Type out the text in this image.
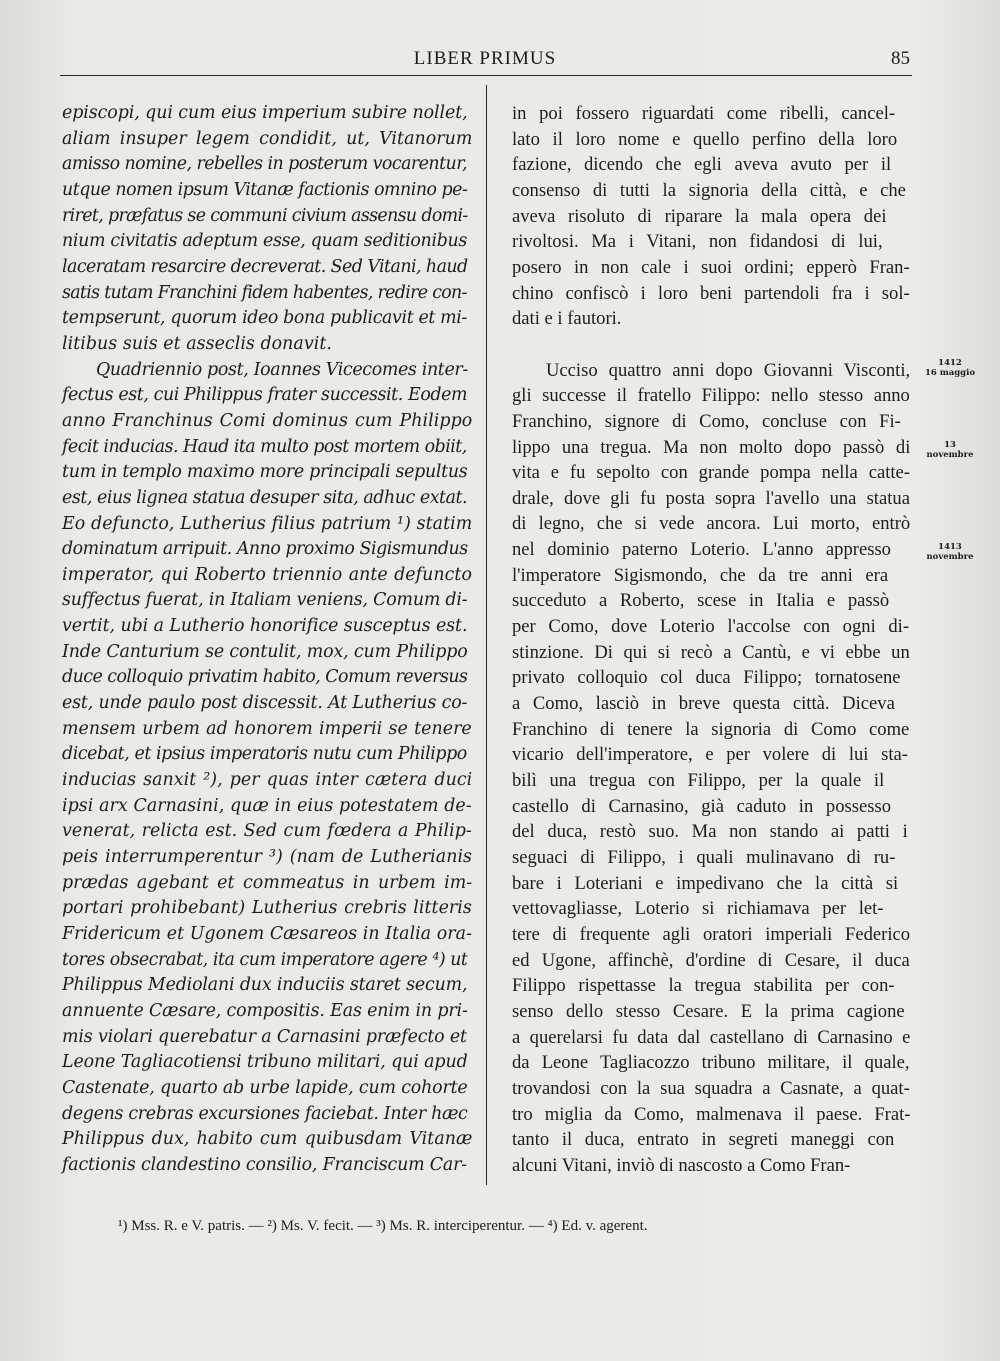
LIBER PRIMUS	85

episcopi, qui cum eius imperium subire nollet,
aliam insuper legem condidit, ut, Vitanorum
amisso nomine, rebelles in posterum vocarentur,
utque nomen ipsum Vitanæ factionis omnino pe-
riret, præfatus se communi civium assensu domi-
nium civitatis adeptum esse, quam seditionibus
laceratam resarcire decreverat. Sed Vitani, haud
satis tutam Franchini fidem habentes, redire con-
tempserunt, quorum ideo bona publicavit et mi-
litibus suis et asseclis donavit.

Quadriennio post, Ioannes Vicecomes inter-
fectus est, cui Philippus frater successit. Eodem
anno Franchinus Comi dominus cum Philippo
fecit inducias. Haud ita multo post mortem obiit,
tum in templo maximo more principali sepultus
est, eius lignea statua desuper sita, adhuc extat.
Eo defuncto, Lutherius filius patrium ¹) statim
dominatum arripuit. Anno proximo Sigismundus
imperator, qui Roberto triennio ante defuncto
suffectus fuerat, in Italiam veniens, Comum di-
vertit, ubi a Lutherio honorifice susceptus est.
Inde Canturium se contulit, mox, cum Philippo
duce colloquio privatim habito, Comum reversus
est, unde paulo post discessit. At Lutherius co-
mensem urbem ad honorem imperii se tenere
dicebat, et ipsius imperatoris nutu cum Philippo
inducias sanxit ²), per quas inter cætera duci
ipsi arx Carnasini, quæ in eius potestatem de-
venerat, relicta est. Sed cum fœdera a Philip-
peis interrumperentur ³) (nam de Lutherianis
prædas agebant et commeatus in urbem im-
portari prohibebant) Lutherius crebris litteris
Fridericum et Ugonem Cæsareos in Italia ora-
tores obsecrabat, ita cum imperatore agere ⁴) ut
Philippus Mediolani dux induciis staret secum,
annuente Cæsare, compositis. Eas enim in pri-
mis violari querebatur a Carnasini præfecto et
Leone Tagliacotiensi tribuno militari, qui apud
Castenate, quarto ab urbe lapide, cum cohorte
degens crebras excursiones faciebat. Inter hæc
Philippus dux, habito cum quibusdam Vitanæ
factionis clandestino consilio, Franciscum Car-

in poi fossero riguardati come ribelli, cancel-
lato il loro nome e quello perfino della loro
fazione, dicendo che egli aveva avuto per il
consenso di tutti la signoria della città, e che
aveva risoluto di riparare la mala opera dei
rivoltosi. Ma i Vitani, non fidandosi di lui,
posero in non cale i suoi ordini; epperò Fran-
chino confiscò i loro beni partendoli fra i sol-
dati e i fautori.

Ucciso quattro anni dopo Giovanni Visconti,
gli successe il fratello Filippo: nello stesso anno
Franchino, signore di Como, concluse con Fi-
lippo una tregua. Ma non molto dopo passò di
vita e fu sepolto con grande pompa nella catte-
drale, dove gli fu posta sopra l'avello una statua
di legno, che si vede ancora. Lui morto, entrò
nel dominio paterno Loterio. L'anno appresso
l'imperatore Sigismondo, che da tre anni era
succeduto a Roberto, scese in Italia e passò
per Como, dove Loterio l'accolse con ogni di-
stinzione. Di qui si recò a Cantù, e vi ebbe un
privato colloquio col duca Filippo; tornatosene
a Como, lasciò in breve questa città. Diceva
Franchino di tenere la signoria di Como come
vicario dell'imperatore, e per volere di lui sta-
bilì una tregua con Filippo, per la quale il
castello di Carnasino, già caduto in possesso
del duca, restò suo. Ma non stando ai patti i
seguaci di Filippo, i quali mulinavano di ru-
bare i Loteriani e impedivano che la città si
vettovagliasse, Loterio si richiamava per let-
tere di frequente agli oratori imperiali Federico
ed Ugone, affinchè, d'ordine di Cesare, il duca
Filippo rispettasse la tregua stabilita per con-
senso dello stesso Cesare. E la prima cagione
a querelarsi fu data dal castellano di Carnasino e
da Leone Tagliacozzo tribuno militare, il quale,
trovandosi con la sua squadra a Casnate, a quat-
tro miglia da Como, malmenava il paese. Frat-
tanto il duca, entrato in segreti maneggi con
alcuni Vitani, inviò di nascosto a Como Fran-

1412
16 maggio
13 novembre
1413
novembre
¹) Mss. R. e V. patris. — ²) Ms. V. fecit. — ³) Ms. R. interciperentur. — ⁴) Ed. v. agerent.
